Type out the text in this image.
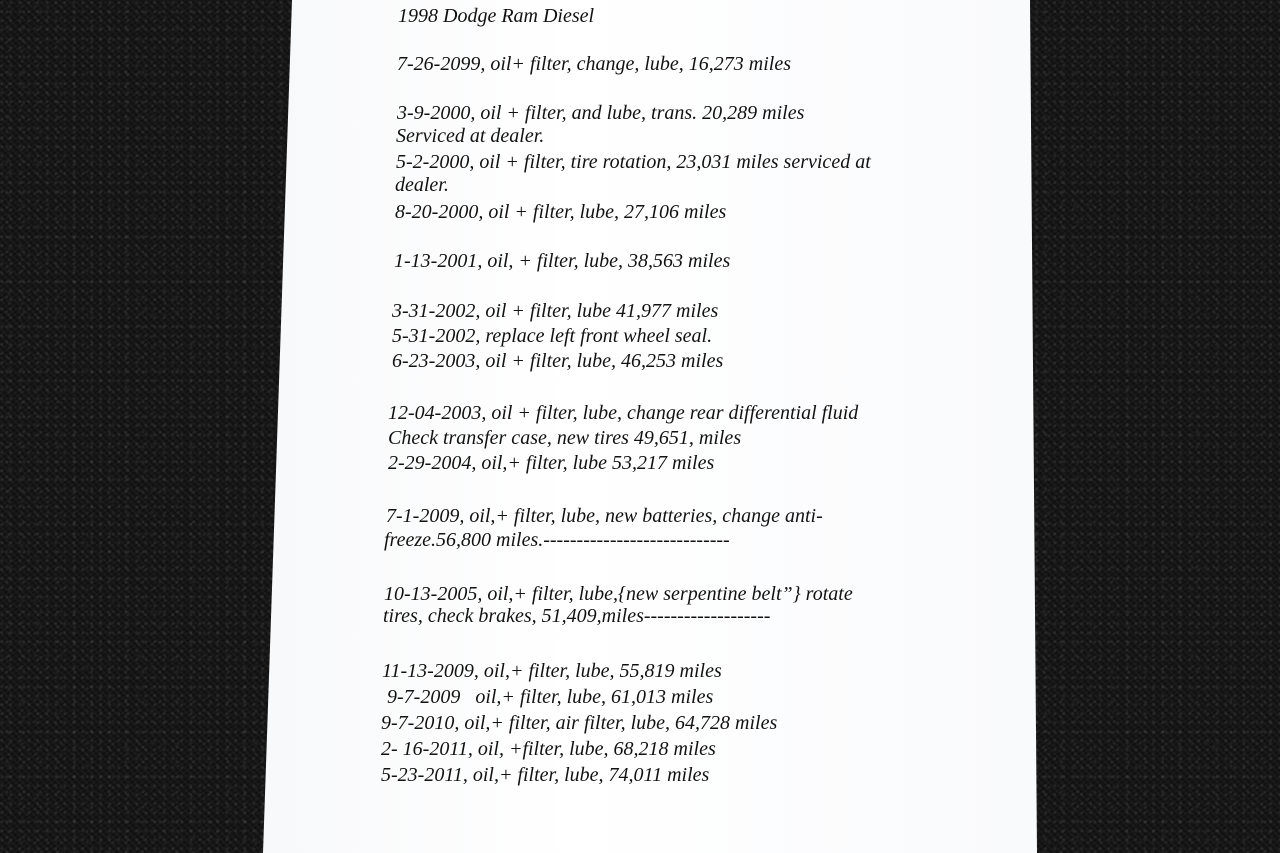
1998 Dodge Ram Diesel

7-26-2099, oil+ filter, change, lube, 16,273 miles

3-9-2000, oil + filter, and lube, trans. 20,289 miles

Serviced at dealer.

5-2-2000, oil + filter, tire rotation, 23,031 miles serviced at

dealer.

8-20-2000, oil + filter, lube, 27,106 miles

1-13-2001, oil, + filter, lube, 38,563 miles

3-31-2002, oil + filter, lube 41,977 miles

5-31-2002, replace left front wheel seal.

6-23-2003, oil + filter, lube, 46,253 miles

12-04-2003, oil + filter, lube, change rear differential fluid

Check transfer case, new tires 49,651, miles

2-29-2004, oil,+ filter, lube 53,217 miles

7-1-2009, oil,+ filter, lube, new batteries, change anti-

freeze.56,800 miles.----------------------------

10-13-2005, oil,+ filter, lube,{new serpentine belt”} rotate

tires, check brakes, 51,409,miles-------------------

11-13-2009, oil,+ filter, lube, 55,819 miles

9-7-2009   oil,+ filter, lube, 61,013 miles

9-7-2010, oil,+ filter, air filter, lube, 64,728 miles

2- 16-2011, oil, +filter, lube, 68,218 miles

5-23-2011, oil,+ filter, lube, 74,011 miles
